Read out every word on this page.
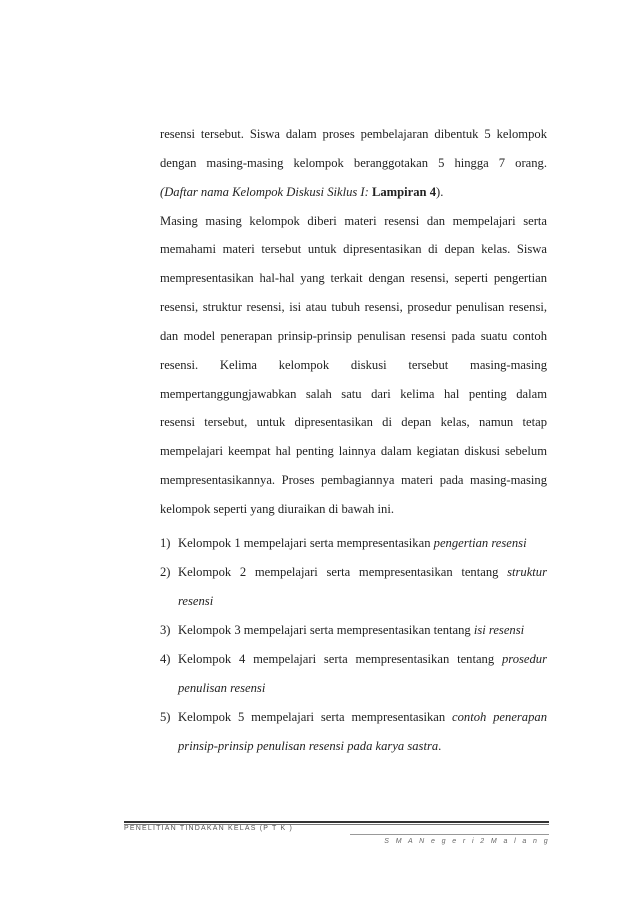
resensi tersebut. Siswa dalam proses pembelajaran dibentuk 5 kelompok
dengan masing-masing kelompok beranggotakan 5 hingga 7 orang.
(Daftar nama Kelompok Diskusi Siklus I: Lampiran 4).
Masing masing kelompok diberi materi resensi dan mempelajari serta
memahami materi tersebut untuk dipresentasikan di depan kelas. Siswa
mempresentasikan hal-hal yang terkait dengan resensi, seperti pengertian
resensi, struktur resensi, isi atau tubuh resensi, prosedur penulisan resensi,
dan model penerapan prinsip-prinsip penulisan resensi pada suatu contoh
resensi. Kelima kelompok diskusi tersebut masing-masing
mempertanggungjawabkan salah satu dari kelima hal penting dalam
resensi tersebut, untuk dipresentasikan di depan kelas, namun tetap
mempelajari keempat hal penting lainnya dalam kegiatan diskusi sebelum
mempresentasikannya. Proses pembagiannya materi pada masing-masing
kelompok seperti yang diuraikan di bawah ini.
1) Kelompok 1 mempelajari serta mempresentasikan pengertian resensi
2) Kelompok 2 mempelajari serta mempresentasikan tentang struktur
resensi
3) Kelompok 3 mempelajari serta mempresentasikan tentang isi resensi
4) Kelompok 4 mempelajari serta mempresentasikan tentang prosedur
penulisan resensi
5) Kelompok 5 mempelajari serta mempresentasikan contoh penerapan
prinsip-prinsip penulisan resensi pada karya sastra.
PENELITIAN TINDAKAN KELAS (P T K )
S M A N e g e r i 2 M a l a n g
